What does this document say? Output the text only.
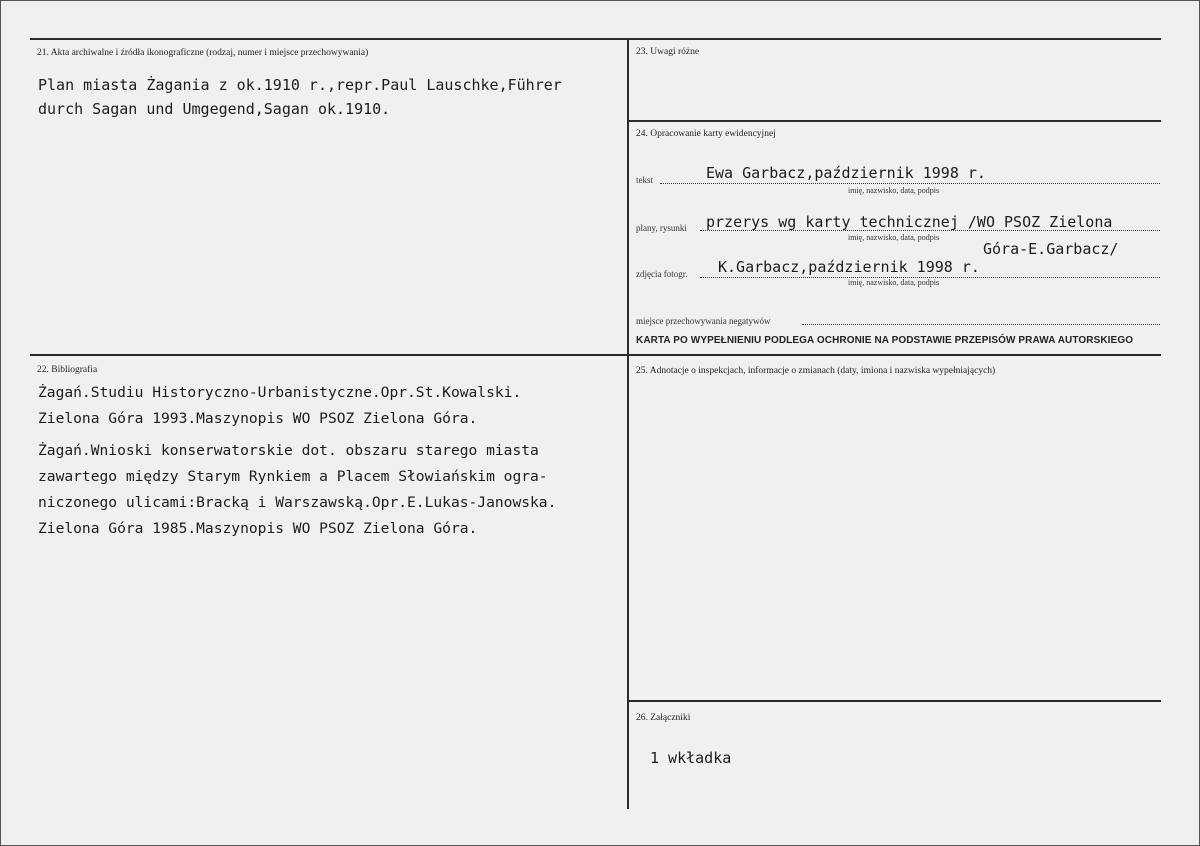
21. Akta archiwalne i źródła ikonograficzne (rodzaj, numer i miejsce przechowywania)
Plan miasta Żagania z ok.1910 r.,repr.Paul Lauschke,Führer
durch Sagan und Umgegend,Sagan ok.1910.
22. Bibliografia
Żagań.Studiu Historyczno-Urbanistyczne.Opr.St.Kowalski.
Zielona Góra 1993.Maszynopis WO PSOZ Zielona Góra.
Żagań.Wnioski konserwatorskie dot. obszaru starego miasta
zawartego między Starym Rynkiem a Placem Słowiańskim ogra-
niczonego ulicami:Bracką i Warszawską.Opr.E.Lukas-Janowska.
Zielona Góra 1985.Maszynopis WO PSOZ Zielona Góra.
23. Uwagi różne
24. Opracowanie karty ewidencyjnej
tekst	Ewa Garbacz,październik 1998 r.
imię, nazwisko, data, podpis
plany, rysunki przerys wg karty technicznej /WO PSOZ Zielona
imię, nazwisko, data, podpis
Góra-E.Garbacz/
zdjęcia fotogr. K.Garbacz,październik 1998 r.
imię, nazwisko, data, podpis
miejsce przechowywania negatywów
KARTA PO WYPEŁNIENIU PODLEGA OCHRONIE NA PODSTAWIE PRZEPISÓW PRAWA AUTORSKIEGO
25. Adnotacje o inspekcjach, informacje o zmianach (daty, imiona i nazwiska wypełniających)
26. Załączniki
1 wkładka
